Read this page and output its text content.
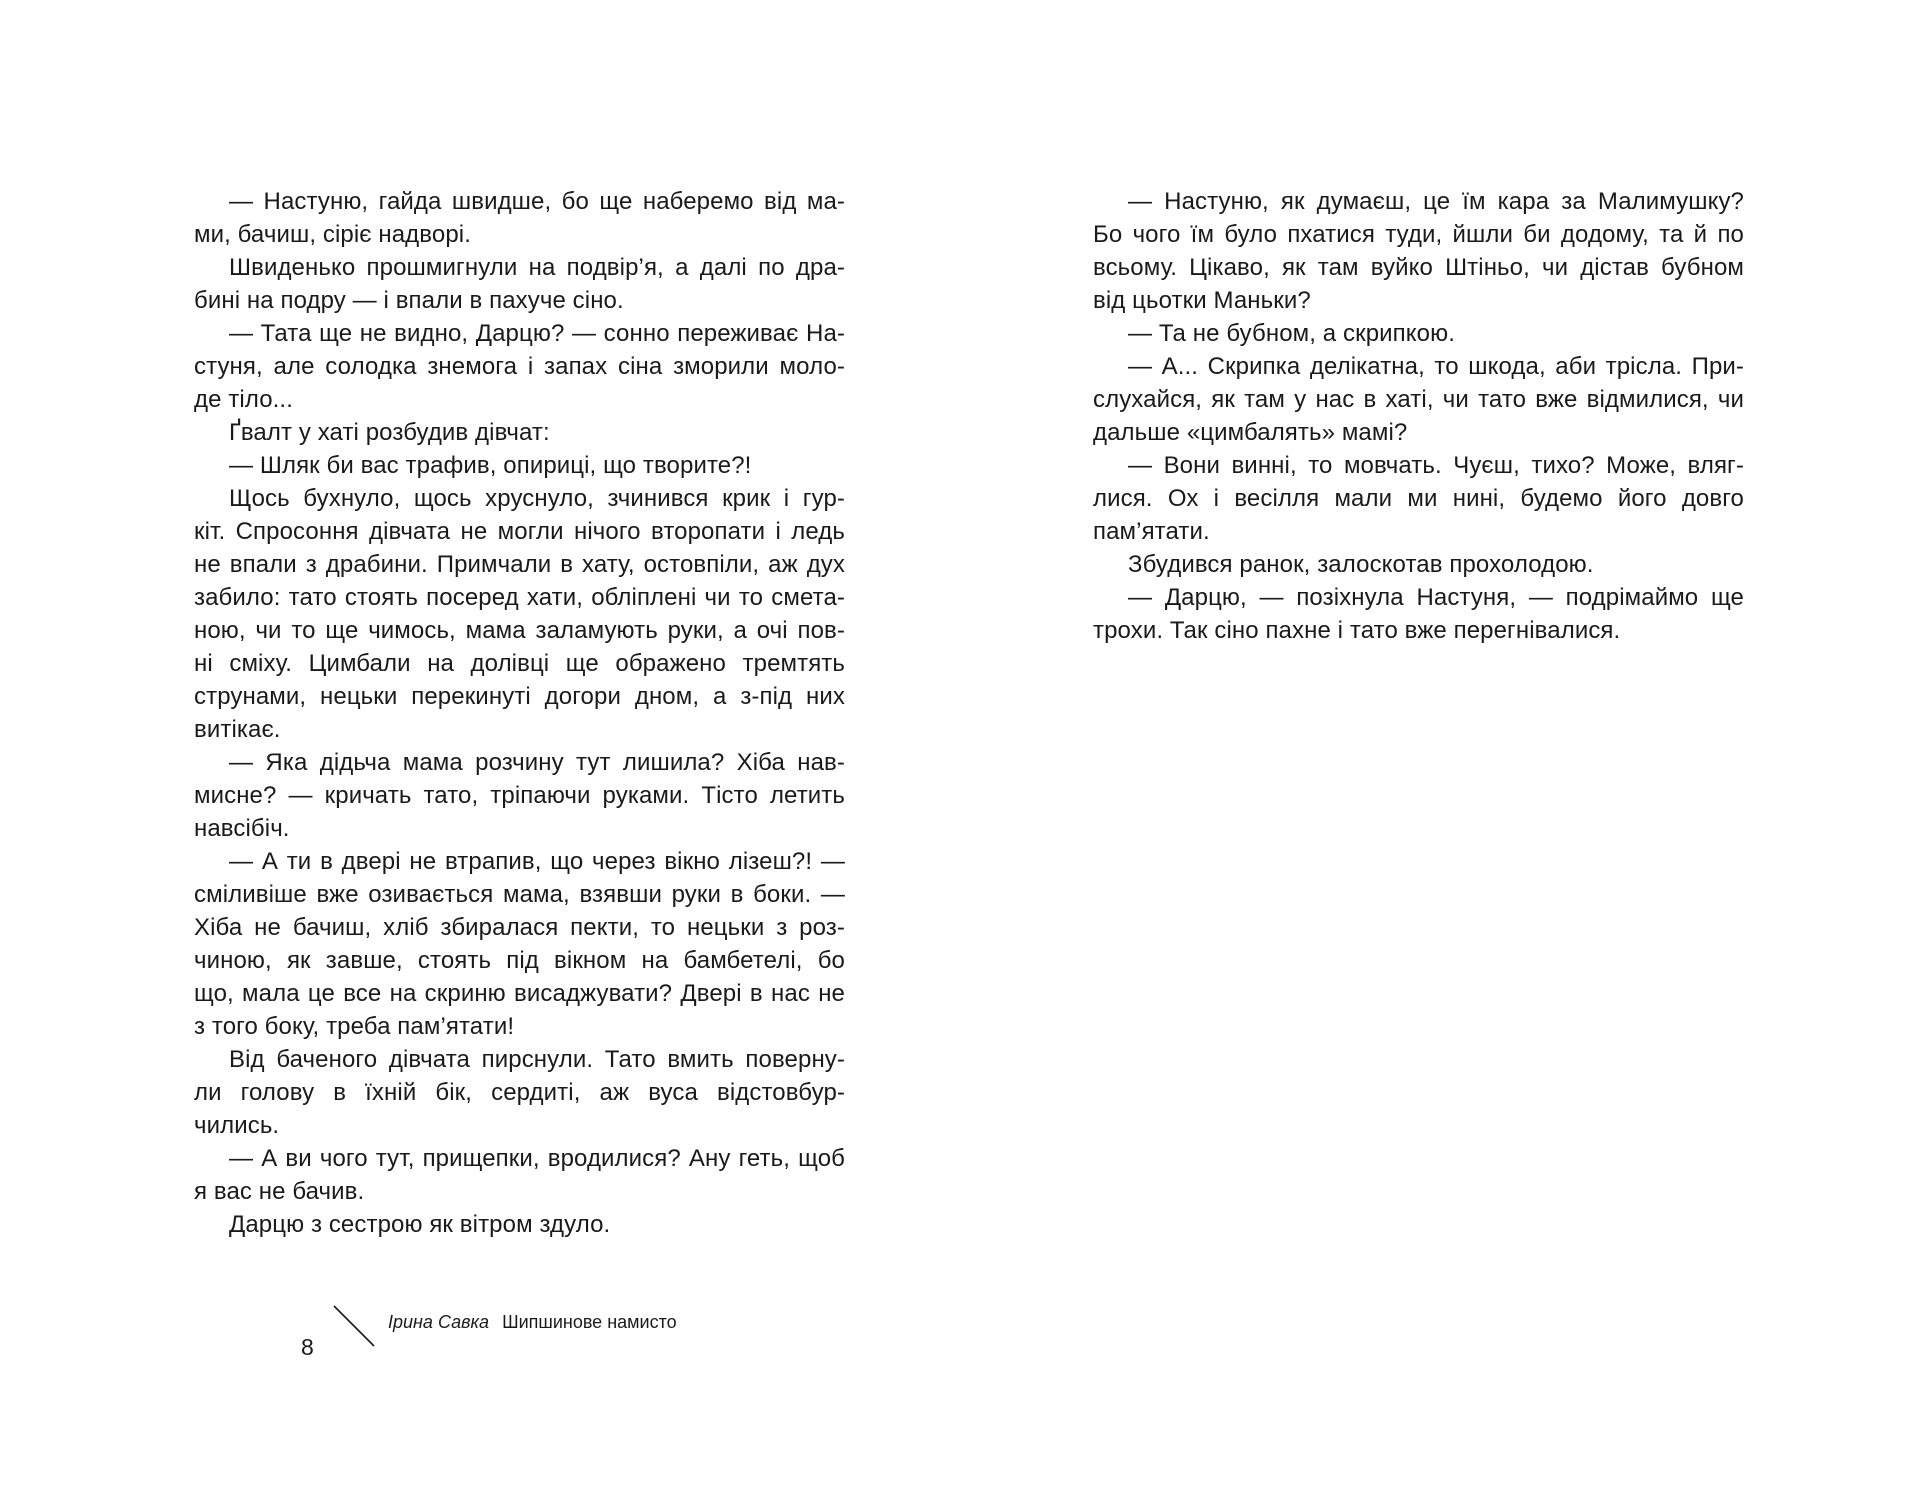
— Настуню, гайда швидше, бо ще наберемо від ма-
ми, бачиш, сіріє надворі.
Швиденько прошмигнули на подвір’я, а далі по дра-
бині на подру — і впали в пахуче сіно.
— Тата ще не видно, Дарцю? — сонно переживає На-
стуня, але солодка знемога і запах сіна зморили моло-
де тіло...
Ґвалт у хаті розбудив дівчат:
— Шляк би вас трафив, опириці, що творите?!
Щось бухнуло, щось хруснуло, зчинився крик і гур-
кіт. Спросоння дівчата не могли нічого второпати і ледь
не впали з драбини. Примчали в хату, остовпіли, аж дух
забило: тато стоять посеред хати, обліплені чи то смета-
ною, чи то ще чимось, мама заламують руки, а очі пов-
ні сміху. Цимбали на долівці ще ображено тремтять
струнами, нецьки перекинуті догори дном, а з-під них
витікає.
— Яка дідьча мама розчину тут лишила? Хіба нав-
мисне? — кричать тато, тріпаючи руками. Тісто летить
навсібіч.
— А ти в двері не втрапив, що через вікно лізеш?! —
сміливіше вже озивається мама, взявши руки в боки. —
Хіба не бачиш, хліб збиралася пекти, то нецьки з роз-
чиною, як завше, стоять під вікном на бамбетелі, бо
що, мала це все на скриню висаджувати? Двері в нас не
з того боку, треба пам’ятати!
Від баченого дівчата пирснули. Тато вмить поверну-
ли голову в їхній бік, сердиті, аж вуса відстовбур-
чились.
— А ви чого тут, прищепки, вродилися? Ану геть, щоб
я вас не бачив.
Дарцю з сестрою як вітром здуло.
— Настуню, як думаєш, це їм кара за Малимушку?
Бо чого їм було пхатися туди, йшли би додому, та й по
всьому. Цікаво, як там вуйко Штіньо, чи дістав бубном
від цьотки Маньки?
— Та не бубном, а скрипкою.
— А... Скрипка делікатна, то шкода, аби трісла. При-
слухайся, як там у нас в хаті, чи тато вже відмилися, чи
дальше «цимбалять» мамі?
— Вони винні, то мовчать. Чуєш, тихо? Може, вляг-
лися. Ох і весілля мали ми нині, будемо його довго
пам’ятати.
Збудився ранок, залоскотав прохолодою.
— Дарцю, — позіхнула Настуня, — подрімаймо ще
трохи. Так сіно пахне і тато вже перегнівалися.
8
Ірина Савка Шипшинове намисто
